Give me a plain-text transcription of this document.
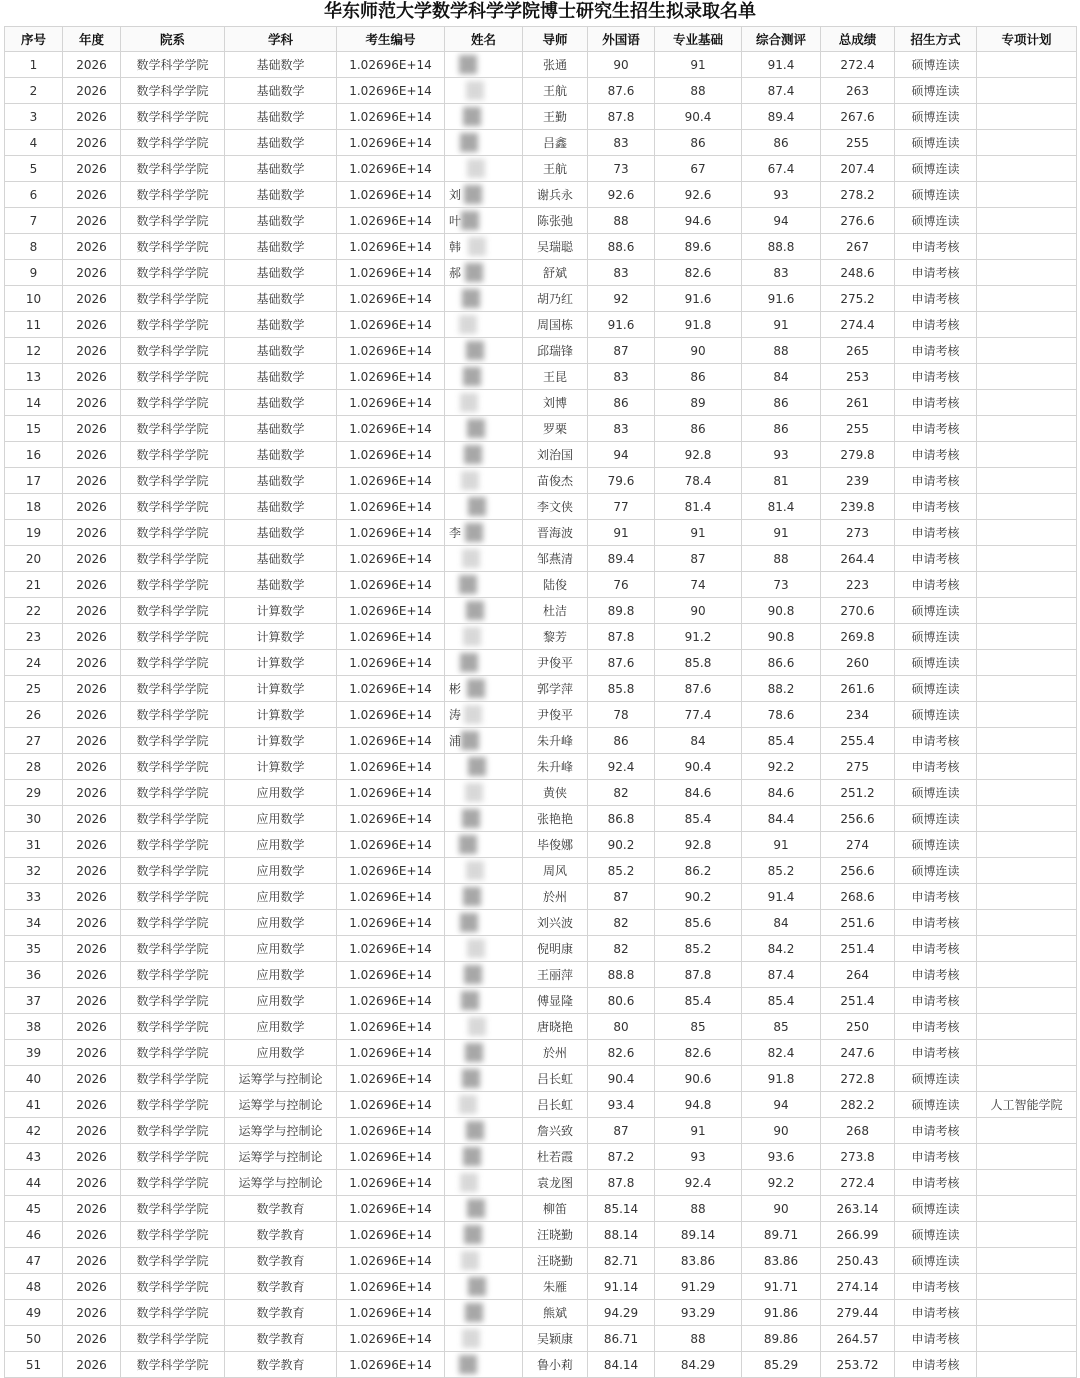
华东师范大学数学科学学院博士研究生招生拟录取名单
序号	年度	院系	学科	考生编号	姓名	导师	外国语	专业基础	综合测评	总成绩	招生方式	专项计划
1	2026	数学科学学院	基础数学	1.02696E+14		张通	90	91	91.4	272.4	硕博连读	
2	2026	数学科学学院	基础数学	1.02696E+14		王航	87.6	88	87.4	263	硕博连读	
3	2026	数学科学学院	基础数学	1.02696E+14		王勤	87.8	90.4	89.4	267.6	硕博连读	
4	2026	数学科学学院	基础数学	1.02696E+14		吕鑫	83	86	86	255	硕博连读	
5	2026	数学科学学院	基础数学	1.02696E+14		王航	73	67	67.4	207.4	硕博连读	
6	2026	数学科学学院	基础数学	1.02696E+14	刘	谢兵永	92.6	92.6	93	278.2	硕博连读	
7	2026	数学科学学院	基础数学	1.02696E+14	叶	陈张弛	88	94.6	94	276.6	硕博连读	
8	2026	数学科学学院	基础数学	1.02696E+14	韩	吴瑞聪	88.6	89.6	88.8	267	申请考核	
9	2026	数学科学学院	基础数学	1.02696E+14	郝	舒斌	83	82.6	83	248.6	申请考核	
10	2026	数学科学学院	基础数学	1.02696E+14		胡乃红	92	91.6	91.6	275.2	申请考核	
11	2026	数学科学学院	基础数学	1.02696E+14		周国栋	91.6	91.8	91	274.4	申请考核	
12	2026	数学科学学院	基础数学	1.02696E+14		邱瑞锋	87	90	88	265	申请考核	
13	2026	数学科学学院	基础数学	1.02696E+14		王昆	83	86	84	253	申请考核	
14	2026	数学科学学院	基础数学	1.02696E+14		刘博	86	89	86	261	申请考核	
15	2026	数学科学学院	基础数学	1.02696E+14		罗栗	83	86	86	255	申请考核	
16	2026	数学科学学院	基础数学	1.02696E+14		刘治国	94	92.8	93	279.8	申请考核	
17	2026	数学科学学院	基础数学	1.02696E+14		苗俊杰	79.6	78.4	81	239	申请考核	
18	2026	数学科学学院	基础数学	1.02696E+14		李文侠	77	81.4	81.4	239.8	申请考核	
19	2026	数学科学学院	基础数学	1.02696E+14	李	晋海波	91	91	91	273	申请考核	
20	2026	数学科学学院	基础数学	1.02696E+14		邹燕清	89.4	87	88	264.4	申请考核	
21	2026	数学科学学院	基础数学	1.02696E+14		陆俊	76	74	73	223	申请考核	
22	2026	数学科学学院	计算数学	1.02696E+14		杜洁	89.8	90	90.8	270.6	硕博连读	
23	2026	数学科学学院	计算数学	1.02696E+14		黎芳	87.8	91.2	90.8	269.8	硕博连读	
24	2026	数学科学学院	计算数学	1.02696E+14		尹俊平	87.6	85.8	86.6	260	硕博连读	
25	2026	数学科学学院	计算数学	1.02696E+14	彬	郭学萍	85.8	87.6	88.2	261.6	硕博连读	
26	2026	数学科学学院	计算数学	1.02696E+14	涛	尹俊平	78	77.4	78.6	234	硕博连读	
27	2026	数学科学学院	计算数学	1.02696E+14	浦	朱升峰	86	84	85.4	255.4	申请考核	
28	2026	数学科学学院	计算数学	1.02696E+14		朱升峰	92.4	90.4	92.2	275	申请考核	
29	2026	数学科学学院	应用数学	1.02696E+14		黄侠	82	84.6	84.6	251.2	硕博连读	
30	2026	数学科学学院	应用数学	1.02696E+14		张艳艳	86.8	85.4	84.4	256.6	硕博连读	
31	2026	数学科学学院	应用数学	1.02696E+14		毕俊娜	90.2	92.8	91	274	硕博连读	
32	2026	数学科学学院	应用数学	1.02696E+14		周风	85.2	86.2	85.2	256.6	硕博连读	
33	2026	数学科学学院	应用数学	1.02696E+14		於州	87	90.2	91.4	268.6	申请考核	
34	2026	数学科学学院	应用数学	1.02696E+14		刘兴波	82	85.6	84	251.6	申请考核	
35	2026	数学科学学院	应用数学	1.02696E+14		倪明康	82	85.2	84.2	251.4	申请考核	
36	2026	数学科学学院	应用数学	1.02696E+14		王丽萍	88.8	87.8	87.4	264	申请考核	
37	2026	数学科学学院	应用数学	1.02696E+14		傅显隆	80.6	85.4	85.4	251.4	申请考核	
38	2026	数学科学学院	应用数学	1.02696E+14		唐晓艳	80	85	85	250	申请考核	
39	2026	数学科学学院	应用数学	1.02696E+14		於州	82.6	82.6	82.4	247.6	申请考核	
40	2026	数学科学学院	运筹学与控制论	1.02696E+14		吕长虹	90.4	90.6	91.8	272.8	硕博连读	
41	2026	数学科学学院	运筹学与控制论	1.02696E+14		吕长虹	93.4	94.8	94	282.2	硕博连读	人工智能学院
42	2026	数学科学学院	运筹学与控制论	1.02696E+14		詹兴致	87	91	90	268	申请考核	
43	2026	数学科学学院	运筹学与控制论	1.02696E+14		杜若霞	87.2	93	93.6	273.8	申请考核	
44	2026	数学科学学院	运筹学与控制论	1.02696E+14		袁龙图	87.8	92.4	92.2	272.4	申请考核	
45	2026	数学科学学院	数学教育	1.02696E+14		柳笛	85.14	88	90	263.14	硕博连读	
46	2026	数学科学学院	数学教育	1.02696E+14		汪晓勤	88.14	89.14	89.71	266.99	硕博连读	
47	2026	数学科学学院	数学教育	1.02696E+14		汪晓勤	82.71	83.86	83.86	250.43	硕博连读	
48	2026	数学科学学院	数学教育	1.02696E+14		朱雁	91.14	91.29	91.71	274.14	申请考核	
49	2026	数学科学学院	数学教育	1.02696E+14		熊斌	94.29	93.29	91.86	279.44	申请考核	
50	2026	数学科学学院	数学教育	1.02696E+14		吴颖康	86.71	88	89.86	264.57	申请考核	
51	2026	数学科学学院	数学教育	1.02696E+14		鲁小莉	84.14	84.29	85.29	253.72	申请考核	
